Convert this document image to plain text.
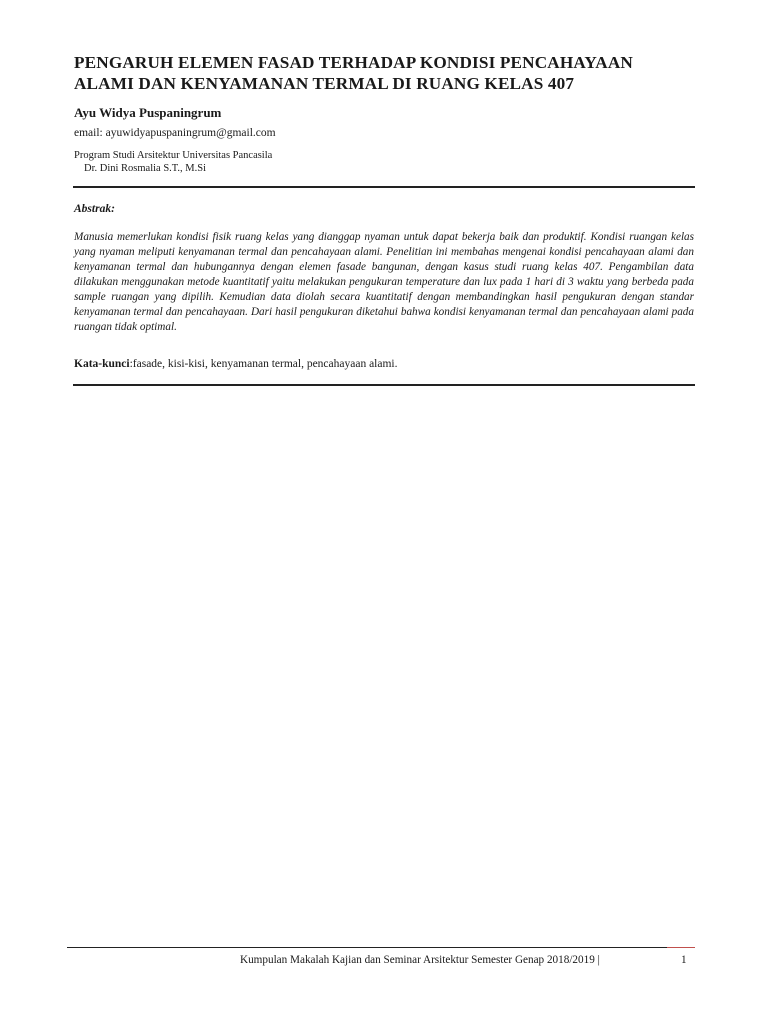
PENGARUH ELEMEN FASAD TERHADAP KONDISI PENCAHAYAAN
ALAMI DAN KENYAMANAN TERMAL DI RUANG KELAS 407
Ayu Widya Puspaningrum
email: ayuwidyapuspaningrum@gmail.com
Program Studi Arsitektur Universitas Pancasila
Dr. Dini Rosmalia S.T., M.Si
Abstrak:

Manusia memerlukan kondisi fisik ruang kelas yang dianggap nyaman untuk dapat bekerja baik dan produktif. Kondisi ruangan kelas yang nyaman meliputi kenyamanan termal dan pencahayaan alami. Penelitian ini membahas mengenai kondisi pencahayaan alami dan kenyamanan termal dan hubungannya dengan elemen fasade bangunan, dengan kasus studi ruang kelas 407. Pengambilan data dilakukan menggunakan metode kuantitatif yaitu melakukan pengukuran temperature dan lux pada 1 hari di 3 waktu yang berbeda pada sample ruangan yang dipilih. Kemudian data diolah secara kuantitatif dengan membandingkan hasil pengukuran dengan standar kenyamanan termal dan pencahayaan. Dari hasil pengukuran diketahui bahwa kondisi kenyamanan termal dan pencahayaan alami pada ruangan tidak optimal.

Kata-kunci:fasade, kisi-kisi, kenyamanan termal, pencahayaan alami.
Kumpulan Makalah Kajian dan Seminar Arsitektur Semester Genap 2018/2019 |	1
